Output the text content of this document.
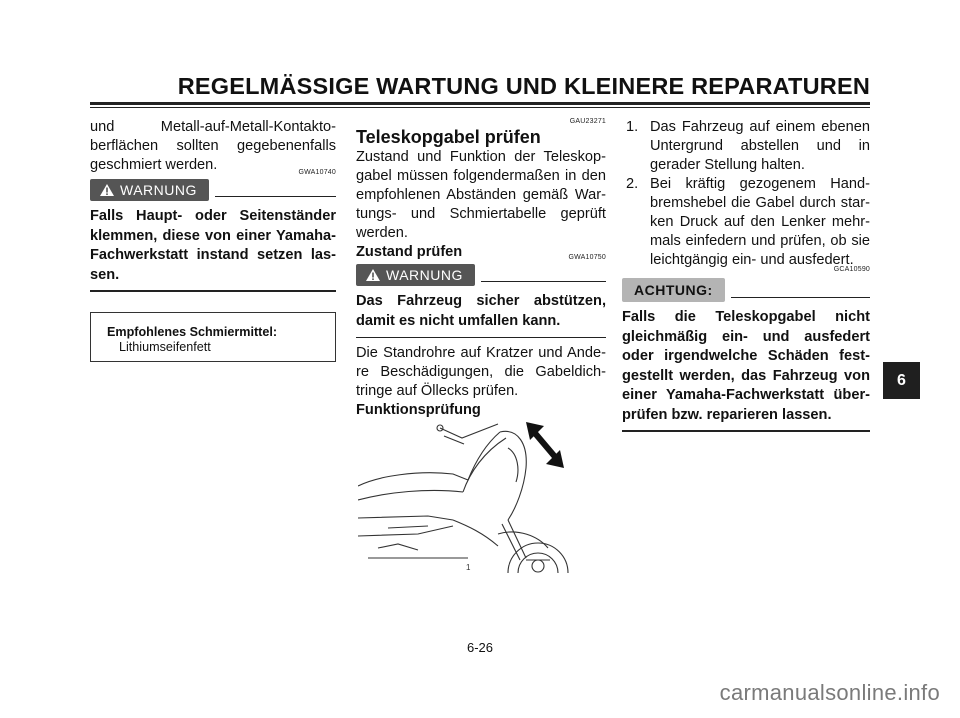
REGELMÄSSIGE WARTUNG UND KLEINERE REPARATUREN
und Metall-auf-Metall-Kontakto-berflächen sollten gegebenenfalls geschmiert werden.	GWA10740
WARNUNG
Falls Haupt- oder Seitenständer klemmen, diese von einer Yamaha-Fachwerkstatt instand setzen las-sen.
Empfohlenes Schmiermittel:
Lithiumseifenfett
GAU23271
Teleskopgabel prüfen
Zustand und Funktion der Teleskop-gabel müssen folgendermaßen in den empfohlenen Abständen gemäß War-tungs- und Schmiertabelle geprüft werden.
Zustand prüfen	GWA10750
WARNUNG
Das Fahrzeug sicher abstützen, damit es nicht umfallen kann.
Die Standrohre auf Kratzer und Ande-re Beschädigungen, die Gabeldich-tringe auf Öllecks prüfen.
Funktionsprüfung
1
1. Das Fahrzeug auf einem ebenen Untergrund abstellen und in gerader Stellung halten.
2. Bei kräftig gezogenem Hand-bremshebel die Gabel durch star-ken Druck auf den Lenker mehr-mals einfedern und prüfen, ob sie leichtgängig ein- und ausfedert.
GCA10590
ACHTUNG:
Falls die Teleskopgabel nicht gleichmäßig ein- und ausfedert oder irgendwelche Schäden fest-gestellt werden, das Fahrzeug von einer Yamaha-Fachwerkstatt über-prüfen bzw. reparieren lassen.
6
6-26
carmanualsonline.info
